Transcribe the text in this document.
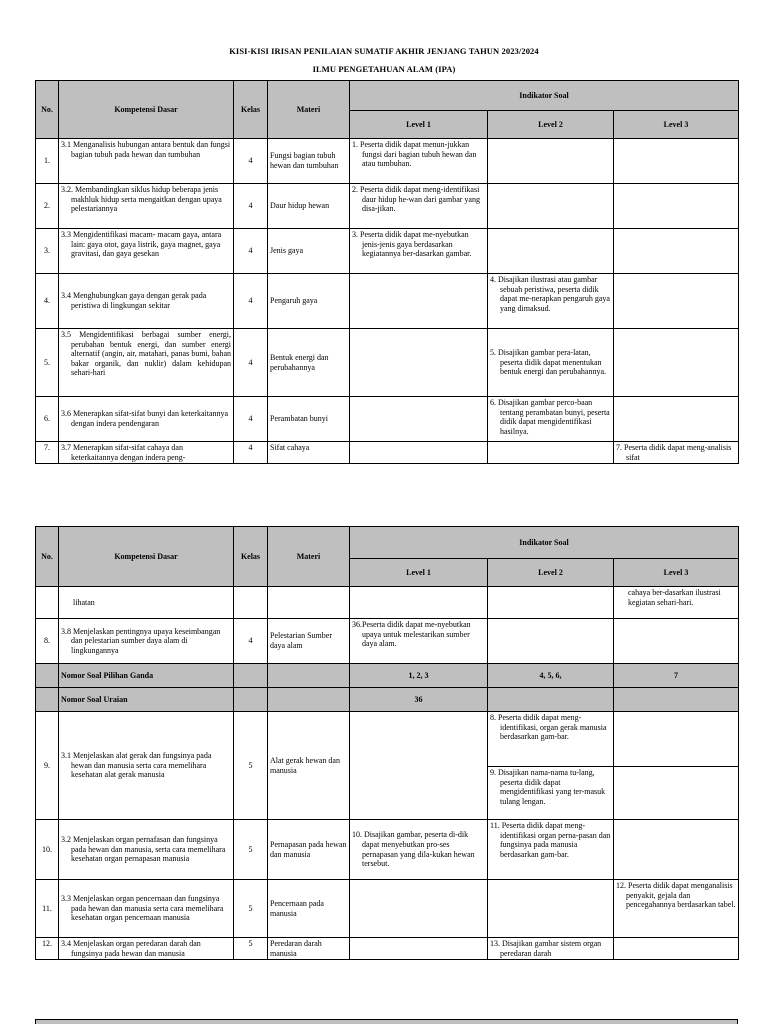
KISI-KISI IRISAN PENILAIAN SUMATIF AKHIR JENJANG TAHUN 2023/2024
ILMU PENGETAHUAN ALAM (IPA)
No.	Kompetensi Dasar	Kelas	Materi	Indikator Soal		
				Level 1	Level 2	Level 3
1.	3.1 Menganalisis hubungan antara bentuk dan fungsi bagian tubuh pada hewan dan tumbuhan	4	Fungsi bagian tubuh hewan dan tumbuhan	1. Peserta didik dapat menun-jukkan fungsi dari bagian tubuh hewan dan atau tumbuhan.		
2.	3.2. Membandingkan siklus hidup beberapa jenis makhluk hidup serta mengaitkan dengan upaya pelestariannya	4	Daur hidup hewan	2. Peserta didik dapat meng-identifikasi daur hidup he-wan dari gambar yang disa-jikan.		
3.	3.3 Mengidentifikasi macam- macam gaya, antara lain: gaya otot, gaya listrik, gaya magnet, gaya gravitasi, dan gaya gesekan	4	Jenis gaya	3. Peserta didik dapat me-nyebutkan jenis-jenis gaya berdasarkan kegiatannya ber-dasarkan gambar.		
4.	3.4 Menghubungkan gaya dengan gerak pada peristiwa di lingkungan sekitar	4	Pengaruh gaya		4. Disajikan ilustrasi atau gambar sebuah peristiwa, peserta didik dapat me-nerapkan pengaruh gaya yang dimaksud.	
5.	3.5 Mengidentifikasi berbagai sumber energi, perubahan bentuk energi, dan sumber energi alternatif (angin, air, matahari, panas bumi, bahan bakar organik, dan nuklir) dalam kehidupan sehari-hari	4	Bentuk energi dan perubahannya		5. Disajikan gambar pera-latan, peserta didik dapat menentukan bentuk energi dan perubahannya.	
6.	3.6 Menerapkan sifat-sifat bunyi dan keterkaitannya dengan indera pendengaran	4	Perambatan bunyi		6. Disajikan gambar perco-baan tentang perambatan bunyi, peserta didik dapat mengidentifikasi hasilnya.	
7.	3.7 Menerapkan sifat-sifat cahaya dan keterkaitannya dengan indera peng-	4	Sifat cahaya			7. Peserta didik dapat meng-analisis sifat
No.	Kompetensi Dasar	Kelas	Materi	Indikator Soal		
				Level 1	Level 2	Level 3
	lihatan					cahaya ber-dasarkan ilustrasi kegiatan sehari-hari.
8.	3.8 Menjelaskan pentingnya upaya keseimbangan dan pelestarian sumber daya alam di lingkungannya	4	Pelestarian Sumber daya alam	36.Peserta didik dapat me-nyebutkan upaya untuk melestarikan sumber daya alam.		
	Nomor Soal Pilihan Ganda			1, 2, 3	4, 5, 6,	7
	Nomor Soal Uraian			36		
9.	3.1 Menjelaskan alat gerak dan fungsinya pada hewan dan manusia serta cara memelihara kesehatan alat gerak manusia	5	Alat gerak hewan dan manusia		8. Peserta didik dapat meng-identifikasi, organ gerak manusia berdasarkan gam-bar.	
					9. Disajikan nama-nama tu-lang, peserta didik dapat mengidentifikasi yang ter-masuk tulang lengan.	
10.	3.2 Menjelaskan organ pernafasan dan fungsinya pada hewan dan manusia, serta cara memelihara kesehatan organ pernapasan manusia	5	Pernapasan pada hewan dan manusia	10. Disajikan gambar, peserta di-dik dapat menyebutkan pro-ses pernapasan yang dila-kukan hewan tersebut.	11. Peserta didik dapat meng-identifikasi organ perna-pasan dan fungsinya pada manusia berdasarkan gam-bar.	
11.	3.3 Menjelaskan organ pencernaan dan fungsinya pada hewan dan manusia serta cara memelihara kesehatan organ pencernaan manusia	5	Pencernaan pada manusia			12. Peserta didik dapat menganalisis penyakit, gejala dan pencegahannya berdasarkan tabel.
12.	3.4 Menjelaskan organ peredaran darah dan fungsinya pada hewan dan manusia	5	Peredaran darah manusia		13. Disajikan gambar sistem organ peredaran darah	
